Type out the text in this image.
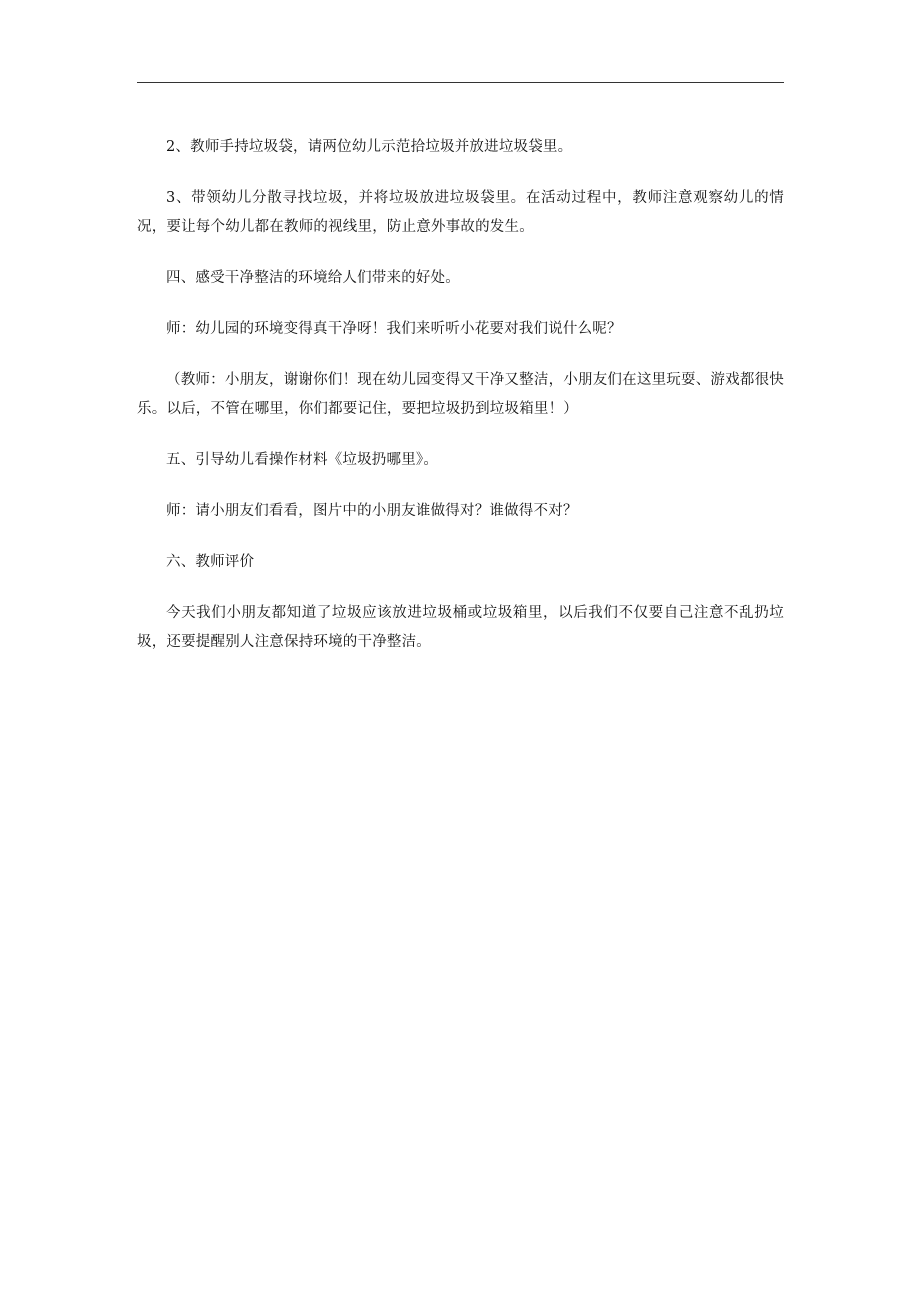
2、教师手持垃圾袋，请两位幼儿示范拾垃圾并放进垃圾袋里。

3、带领幼儿分散寻找垃圾，并将垃圾放进垃圾袋里。在活动过程中，教师注意观察幼儿的情况，要让每个幼儿都在教师的视线里，防止意外事故的发生。

四、感受干净整洁的环境给人们带来的好处。

师：幼儿园的环境变得真干净呀！我们来听听小花要对我们说什么呢？

（教师：小朋友，谢谢你们！现在幼儿园变得又干净又整洁，小朋友们在这里玩耍、游戏都很快乐。以后，不管在哪里，你们都要记住，要把垃圾扔到垃圾箱里！）

五、引导幼儿看操作材料《垃圾扔哪里》。

师：请小朋友们看看，图片中的小朋友谁做得对？谁做得不对？

六、教师评价

今天我们小朋友都知道了垃圾应该放进垃圾桶或垃圾箱里，以后我们不仅要自己注意不乱扔垃圾，还要提醒别人注意保持环境的干净整洁。
